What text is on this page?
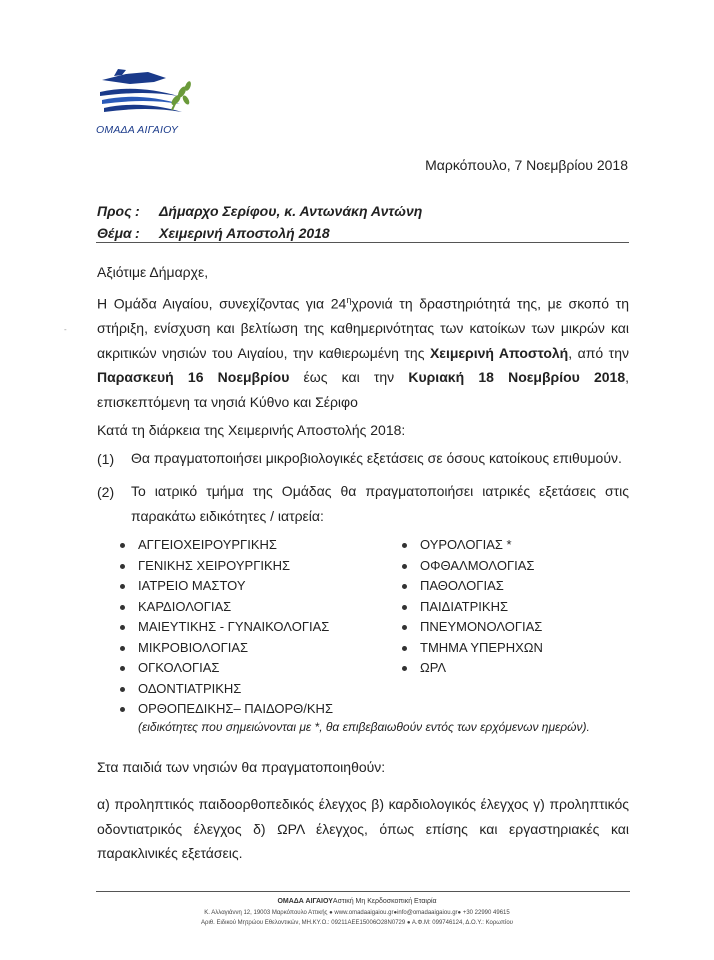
ΟΜΑΔΑ ΑΙΓΑΙΟΥ
Μαρκόπουλο, 7 Νοεμβρίου 2018
Προς : Δήμαρχο Σερίφου, κ. Αντωνάκη Αντώνη
Θέμα : Χειμερινή Αποστολή 2018
Αξιότιμε Δήμαρχε,
Η Ομάδα Αιγαίου, συνεχίζοντας για $24^\eta\chi\rho o\nu\iota ά$ τη δραστηριότητά της, με σκοπό τη στήριξη, ενίσχυση και βελτίωση της καθημερινότητας των κατοίκων των μικρών και ακριτικών νησιών του Αιγαίου, την καθιερωμένη της Χειμερινή Αποστολή, από την Παρασκευή 16 Νοεμβρίου έως και την Κυριακή 18 Νοεμβρίου 2018, επισκεπτόμενη τα νησιά Κύθνο και Σέριφο
-
Κατά τη διάρκεια της Χειμερινής Αποστολής 2018:
(1) Θα πραγματοποιήσει μικροβιολογικές εξετάσεις σε όσους κατοίκους επιθυμούν.
(2) Το ιατρικό τμήμα της Ομάδας θα πραγματοποιήσει ιατρικές εξετάσεις στις παρακάτω ειδικότητες / ιατρεία:
ΑΓΓΕΙΟΧΕΙΡΟΥΡΓΙΚΗΣ
ΓΕΝΙΚΗΣ ΧΕΙΡΟΥΡΓΙΚΗΣ
ΙΑΤΡΕΙΟ ΜΑΣΤΟΥ
ΚΑΡΔΙΟΛΟΓΙΑΣ
ΜΑΙΕΥΤΙΚΗΣ - ΓΥΝΑΙΚΟΛΟΓΙΑΣ
ΜΙΚΡΟΒΙΟΛΟΓΙΑΣ
ΟΓΚΟΛΟΓΙΑΣ
ΟΔΟΝΤΙΑΤΡΙΚΗΣ
ΟΡΘΟΠΕΔΙΚΗΣ– ΠΑΙΔΟΡΘ/ΚΗΣ
ΟΥΡΟΛΟΓΙΑΣ *
ΟΦΘΑΛΜΟΛΟΓΙΑΣ
ΠΑΘΟΛΟΓΙΑΣ
ΠΑΙΔΙΑΤΡΙΚΗΣ
ΠΝΕΥΜΟΝΟΛΟΓΙΑΣ
ΤΜΗΜΑ ΥΠΕΡΗΧΩΝ
ΩΡΛ
(ειδικότητες που σημειώνονται με *, θα επιβεβαιωθούν εντός των ερχόμενων ημερών).
Στα παιδιά των νησιών θα πραγματοποιηθούν:
α) προληπτικός παιδοορθοπεδικός έλεγχος β) καρδιολογικός έλεγχος γ) προληπτικός οδοντιατρικός έλεγχος δ) ΩΡΛ έλεγχος, όπως επίσης και εργαστηριακές και παρακλινικές εξετάσεις.
ΟΜΑΔΑ ΑΙΓΑΙΟΥΑστική Μη Κερδοσκοπική Εταιρία
Κ. Αλλαγιάννη 12, 19003 Μαρκόπουλο Αττικής ● www.omadaaigaiou.gr●info@omadaaigaiou.gr● +30 22990 49615
Αριθ. Ειδικού Μητρώου Εθελοντικών, ΜΗ.ΚΥ.Ο.: 09211ΑΕΕ15006Ο28Ν0729 ● Α.Φ.Μ: 099746124, Δ.Ο.Υ.: Κορωπίου
